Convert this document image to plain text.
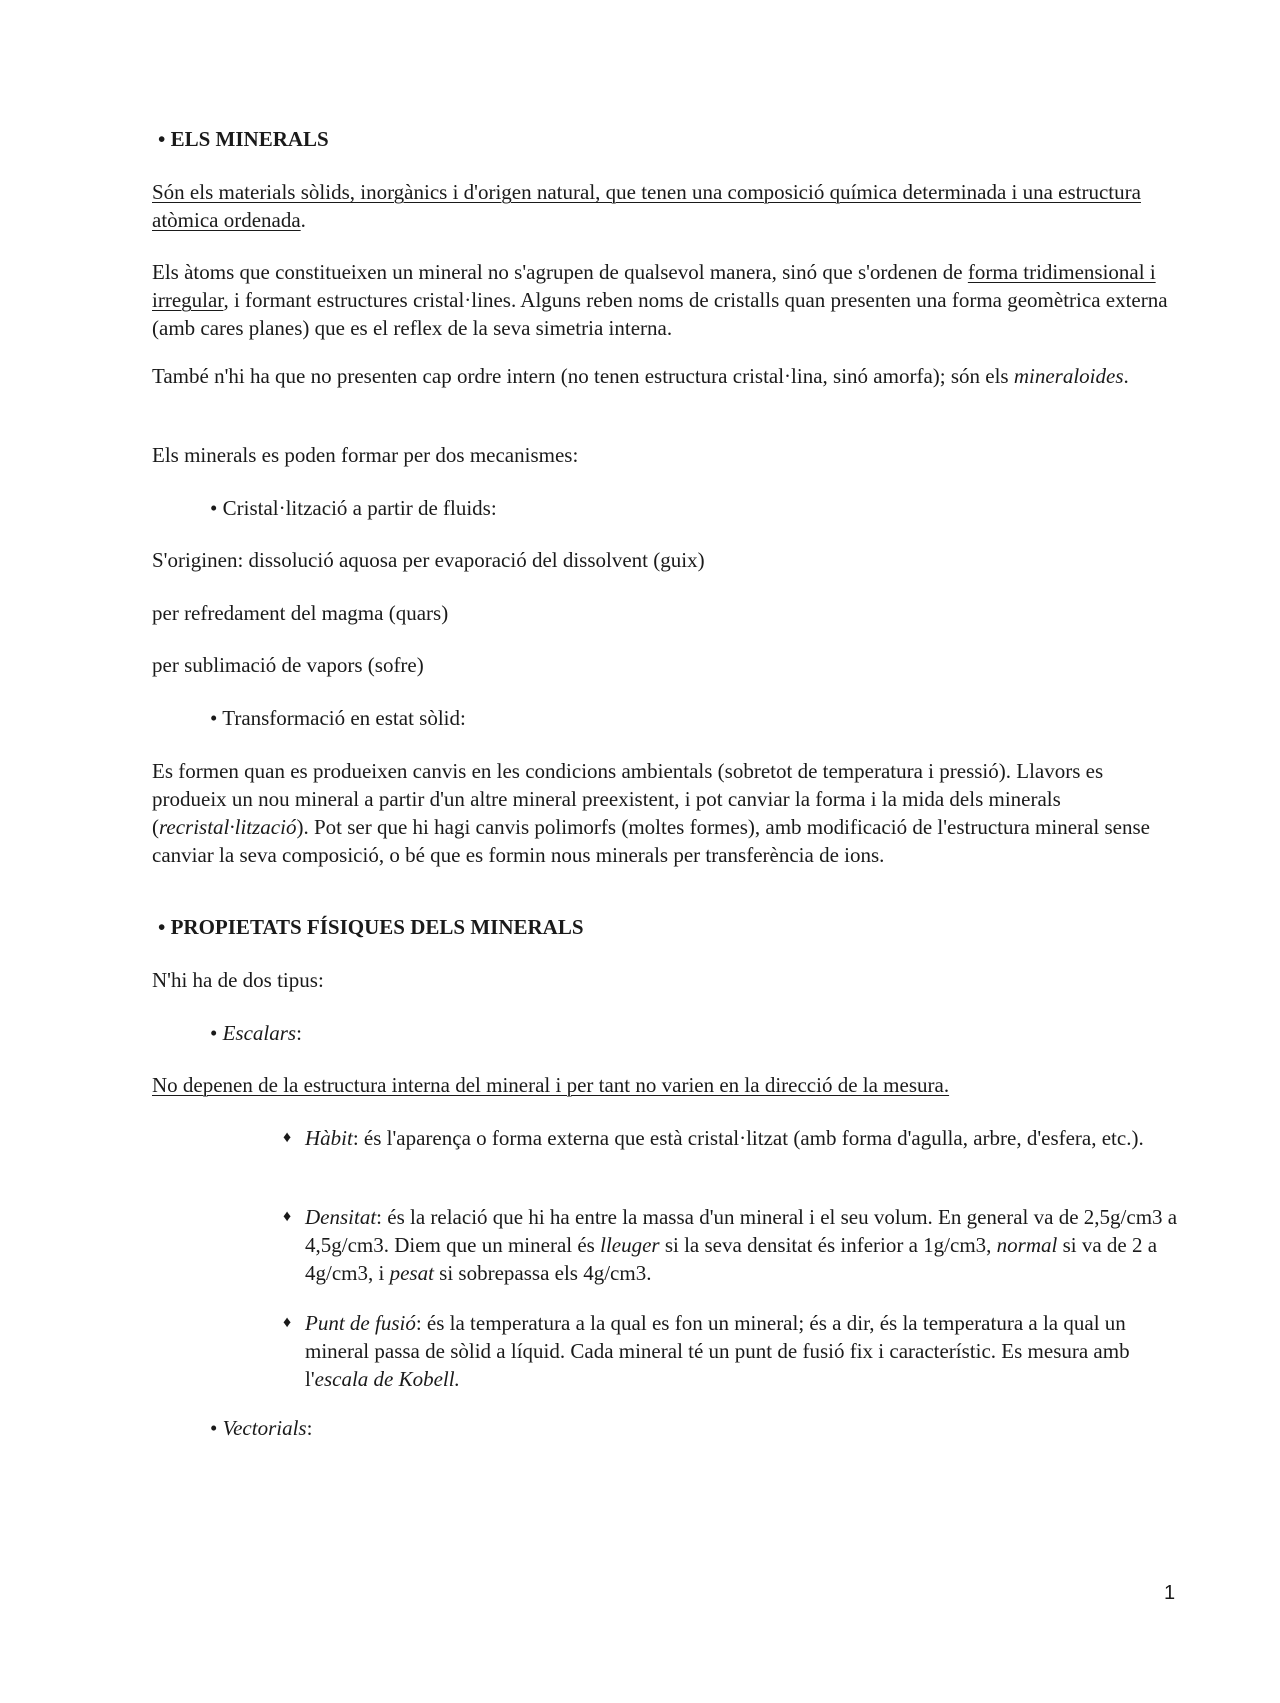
• ELS MINERALS

Són els materials sòlids, inorgànics i d'origen natural, que tenen una composició química determinada i una estructura atòmica ordenada.

Els àtoms que constitueixen un mineral no s'agrupen de qualsevol manera, sinó que s'ordenen de forma tridimensional i irregular, i formant estructures cristal·lines. Alguns reben noms de cristalls quan presenten una forma geomètrica externa (amb cares planes) que es el reflex de la seva simetria interna.

També n'hi ha que no presenten cap ordre intern (no tenen estructura cristal·lina, sinó amorfa); són els mineraloides.

Els minerals es poden formar per dos mecanismes:

• Cristal·lització a partir de fluids:

S'originen: dissolució aquosa per evaporació del dissolvent (guix)

per refredament del magma (quars)

per sublimació de vapors (sofre)

• Transformació en estat sòlid:

Es formen quan es produeixen canvis en les condicions ambientals (sobretot de temperatura i pressió). Llavors es produeix un nou mineral a partir d'un altre mineral preexistent, i pot canviar la forma i la mida dels minerals (recristal·lització). Pot ser que hi hagi canvis polimorfs (moltes formes), amb modificació de l'estructura mineral sense canviar la seva composició, o bé que es formin nous minerals per transferència de ions.

• PROPIETATS FÍSIQUES DELS MINERALS

N'hi ha de dos tipus:

• Escalars:

No depenen de la estructura interna del mineral i per tant no varien en la direcció de la mesura.

♦ Hàbit: és l'aparença o forma externa que està cristal·litzat (amb forma d'agulla, arbre, d'esfera, etc.).
♦ Densitat: és la relació que hi ha entre la massa d'un mineral i el seu volum. En general va de 2,5g/cm3 a 4,5g/cm3. Diem que un mineral és lleuger si la seva densitat és inferior a 1g/cm3, normal si va de 2 a 4g/cm3, i pesat si sobrepassa els 4g/cm3.
♦ Punt de fusió: és la temperatura a la qual es fon un mineral; és a dir, és la temperatura a la qual un mineral passa de sòlid a líquid. Cada mineral té un punt de fusió fix i característic. Es mesura amb l'escala de Kobell.

• Vectorials:

1
